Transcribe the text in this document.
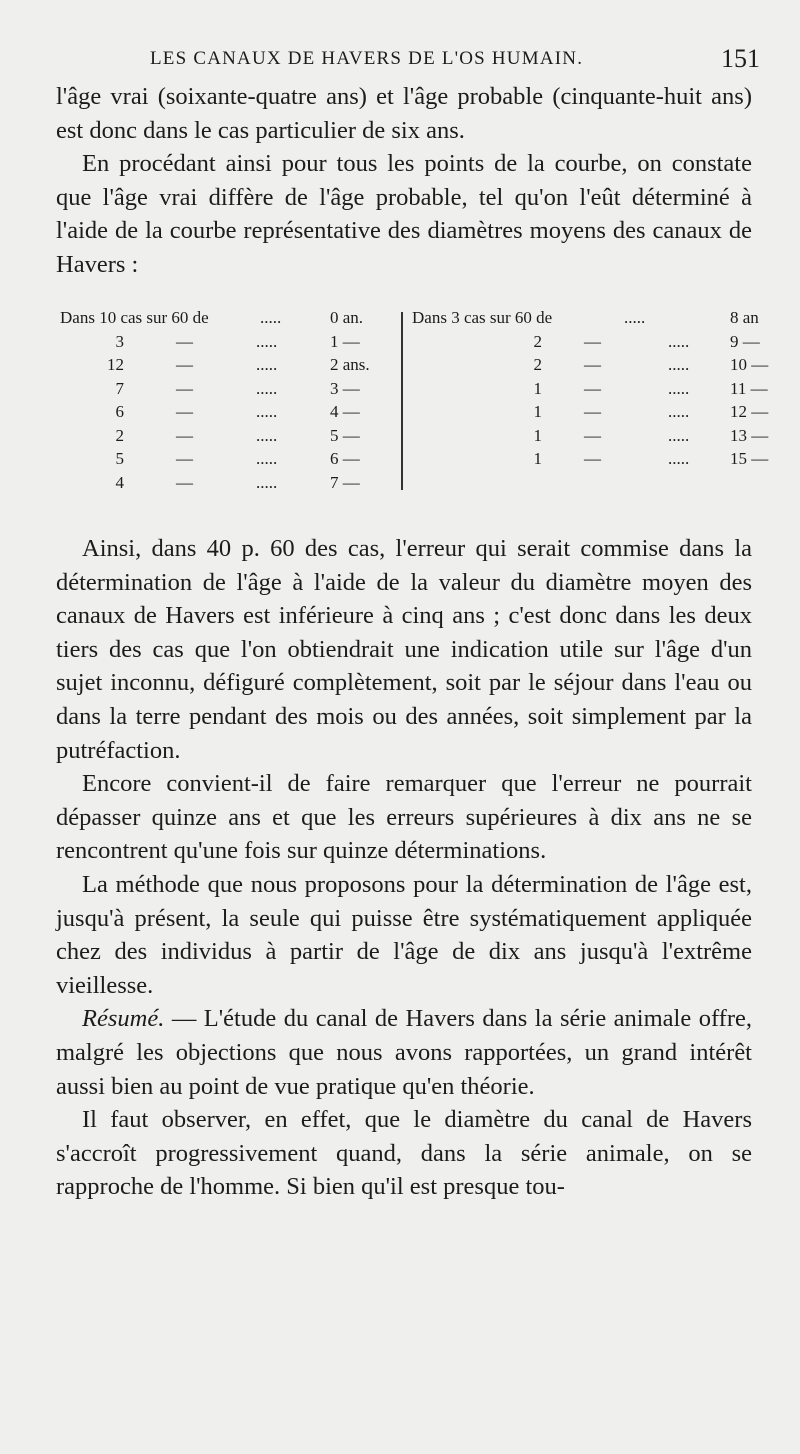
LES CANAUX DE HAVERS DE L'OS HUMAIN.	151

l'âge vrai (soixante-quatre ans) et l'âge probable (cinquante-huit ans) est donc dans le cas particulier de six ans.

En procédant ainsi pour tous les points de la courbe, on constate que l'âge vrai diffère de l'âge probable, tel qu'on l'eût déterminé à l'aide de la courbe représentative des diamètres moyens des canaux de Havers :

Dans 10 cas sur 60 de	.....	0 an.
3	—	.....	1 —
12	—	.....	2 ans.
7	—	.....	3 —
6	—	.....	4 —
2	—	.....	5 —
5	—	.....	6 —
4	—	.....	7 —
Dans 3 cas sur 60 de	.....	8 an
2 —	..... 9 —
2 —	..... 10 —
1 —	..... 11 —
1 —	..... 12 —
1 —	..... 13 —
1 —	..... 15 —

Ainsi, dans 40 p. 60 des cas, l'erreur qui serait commise dans la détermination de l'âge à l'aide de la valeur du diamètre moyen des canaux de Havers est inférieure à cinq ans ; c'est donc dans les deux tiers des cas que l'on obtiendrait une indication utile sur l'âge d'un sujet inconnu, défiguré complètement, soit par le séjour dans l'eau ou dans la terre pendant des mois ou des années, soit simplement par la putréfaction.

Encore convient-il de faire remarquer que l'erreur ne pourrait dépasser quinze ans et que les erreurs supérieures à dix ans ne se rencontrent qu'une fois sur quinze déterminations.

La méthode que nous proposons pour la détermination de l'âge est, jusqu'à présent, la seule qui puisse être systématiquement appliquée chez des individus à partir de l'âge de dix ans jusqu'à l'extrême vieillesse.

Résumé. — L'étude du canal de Havers dans la série animale offre, malgré les objections que nous avons rapportées, un grand intérêt aussi bien au point de vue pratique qu'en théorie.

Il faut observer, en effet, que le diamètre du canal de Havers s'accroît progressivement quand, dans la série animale, on se rapproche de l'homme. Si bien qu'il est presque tou-
